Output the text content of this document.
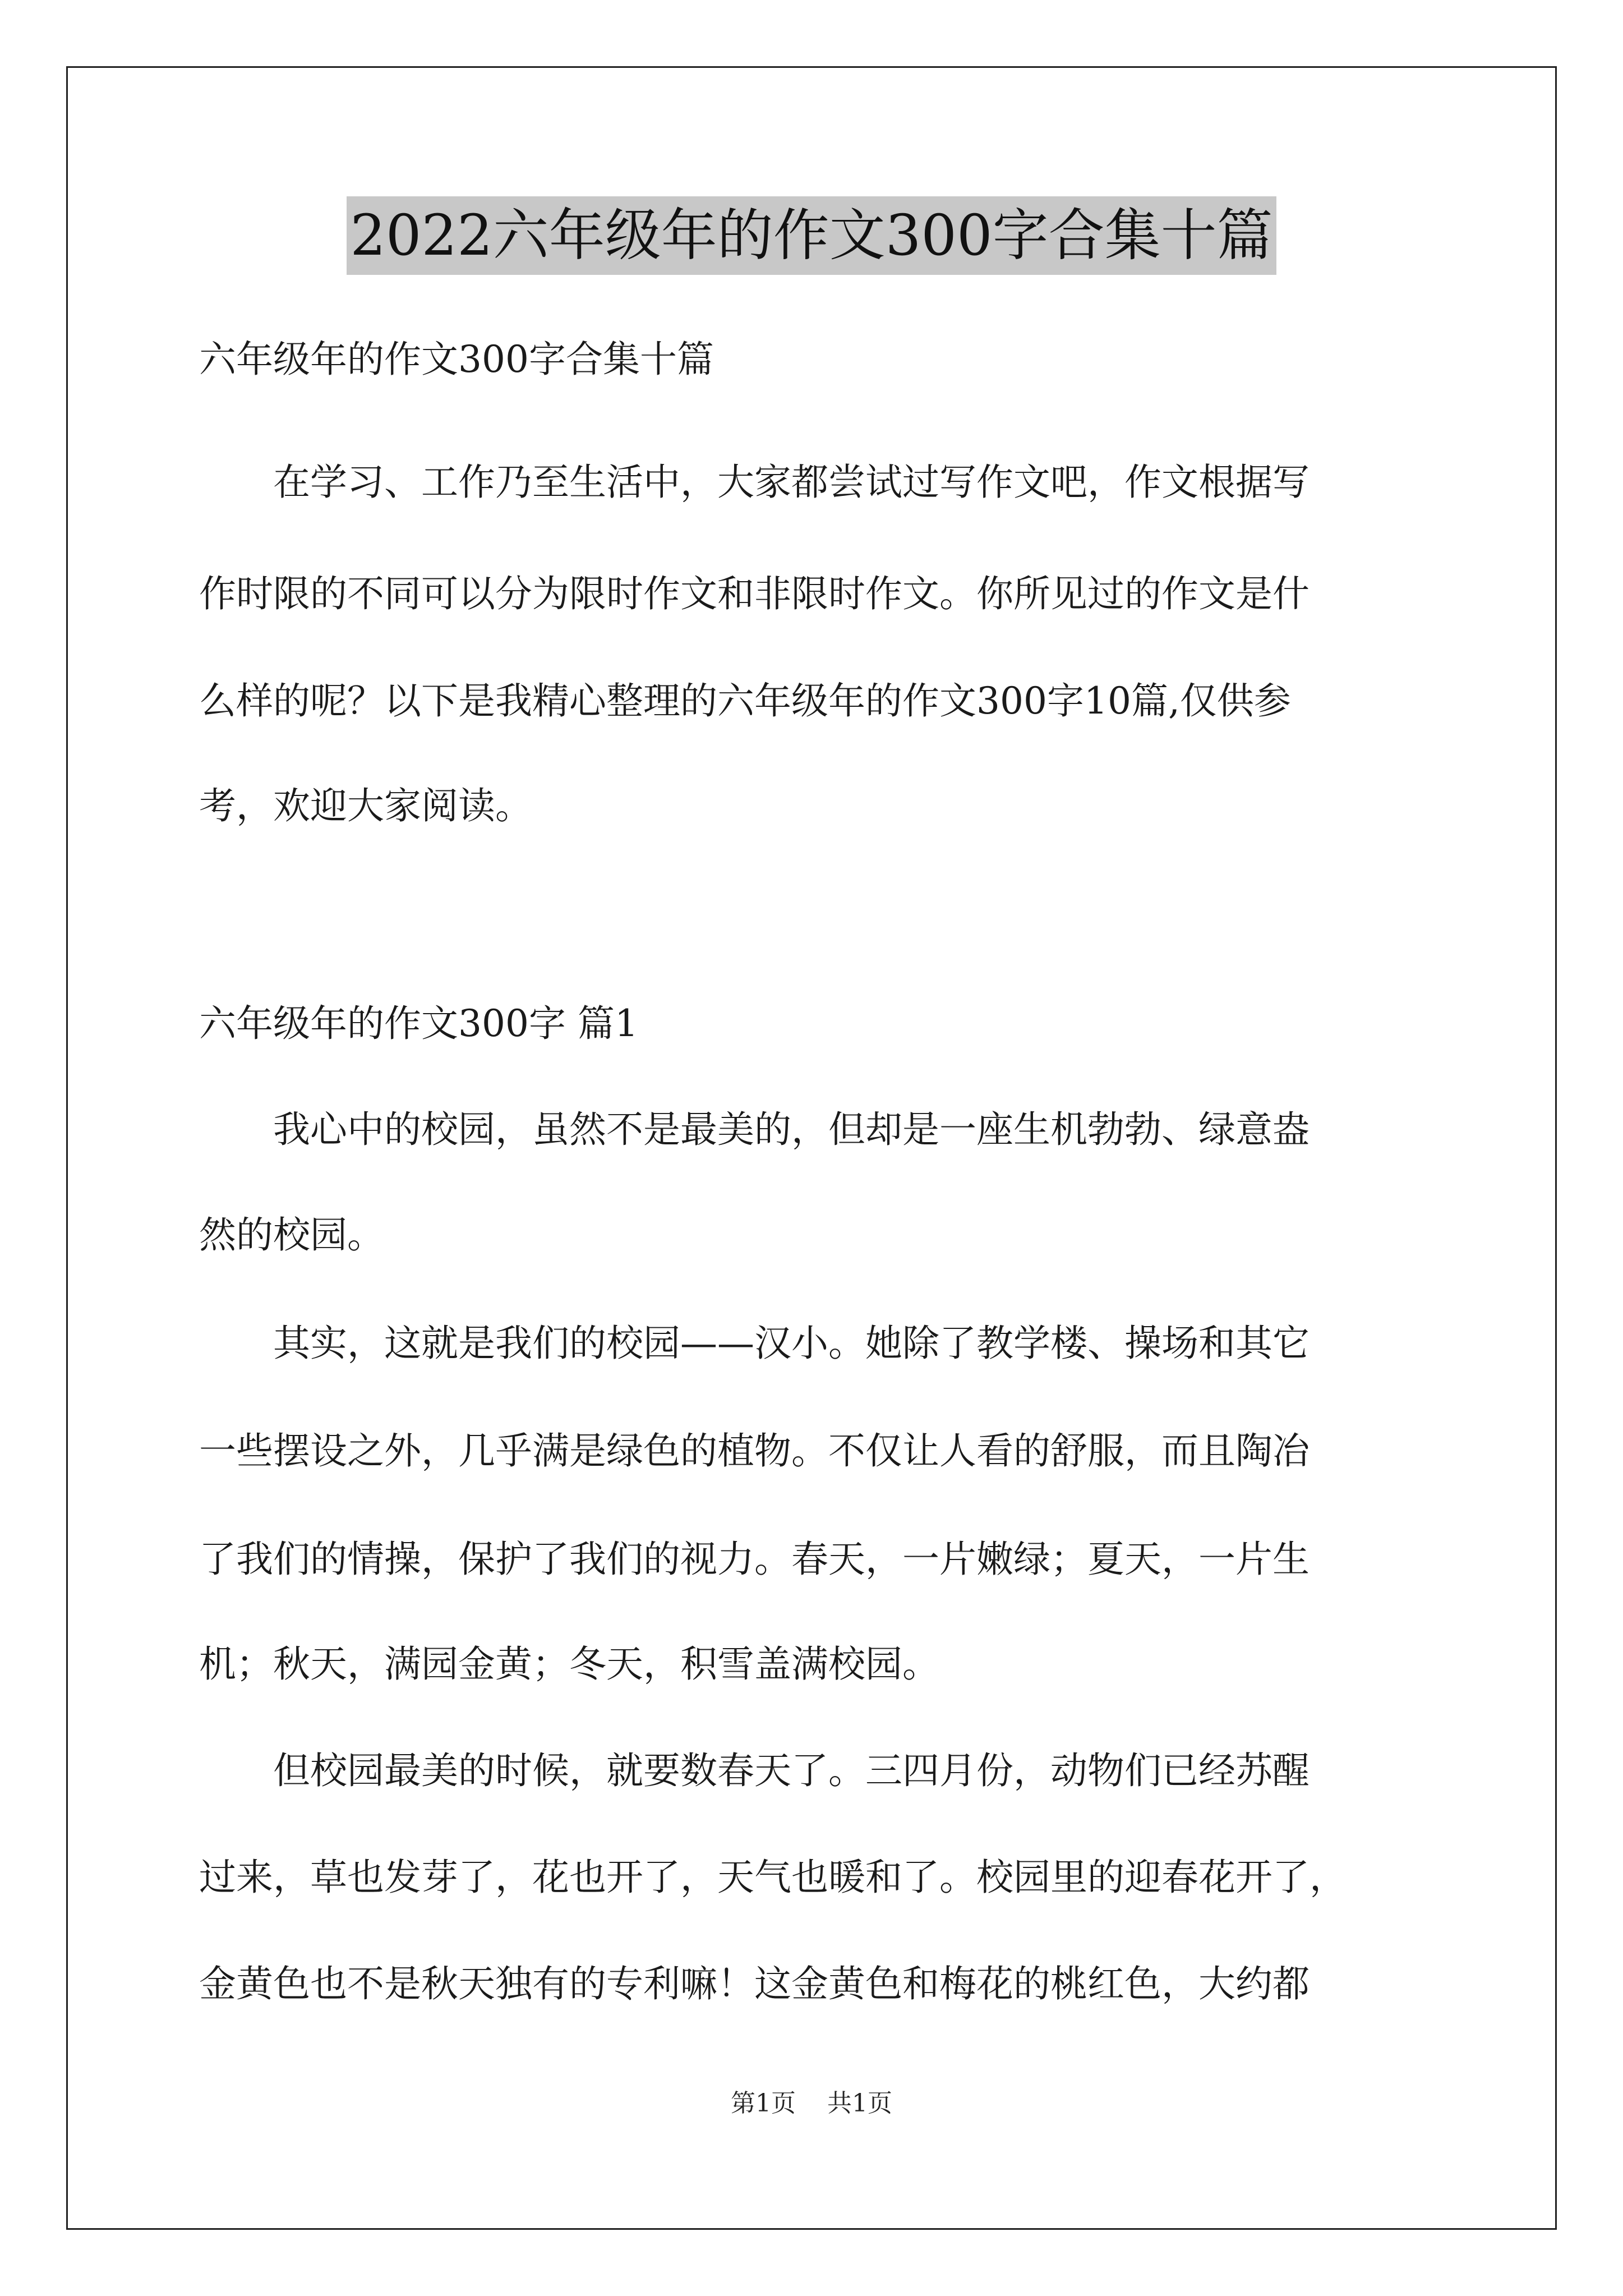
2022六年级年的作文300字合集十篇
六年级年的作文300字合集十篇
　　在学习、工作乃至生活中，大家都尝试过写作文吧，作文根据写
作时限的不同可以分为限时作文和非限时作文。你所见过的作文是什
么样的呢？以下是我精心整理的六年级年的作文300字10篇,仅供参
考，欢迎大家阅读。
六年级年的作文300字 篇1
　　我心中的校园，虽然不是最美的，但却是一座生机勃勃、绿意盎
然的校园。
　　其实，这就是我们的校园——汉小。她除了教学楼、操场和其它
一些摆设之外，几乎满是绿色的植物。不仅让人看的舒服，而且陶冶
了我们的情操，保护了我们的视力。春天，一片嫩绿；夏天，一片生
机；秋天，满园金黄；冬天，积雪盖满校园。
　　但校园最美的时候，就要数春天了。三四月份，动物们已经苏醒
过来，草也发芽了，花也开了，天气也暖和了。校园里的迎春花开了，
金黄色也不是秋天独有的专利嘛！这金黄色和梅花的桃红色，大约都
第1页 共1页
